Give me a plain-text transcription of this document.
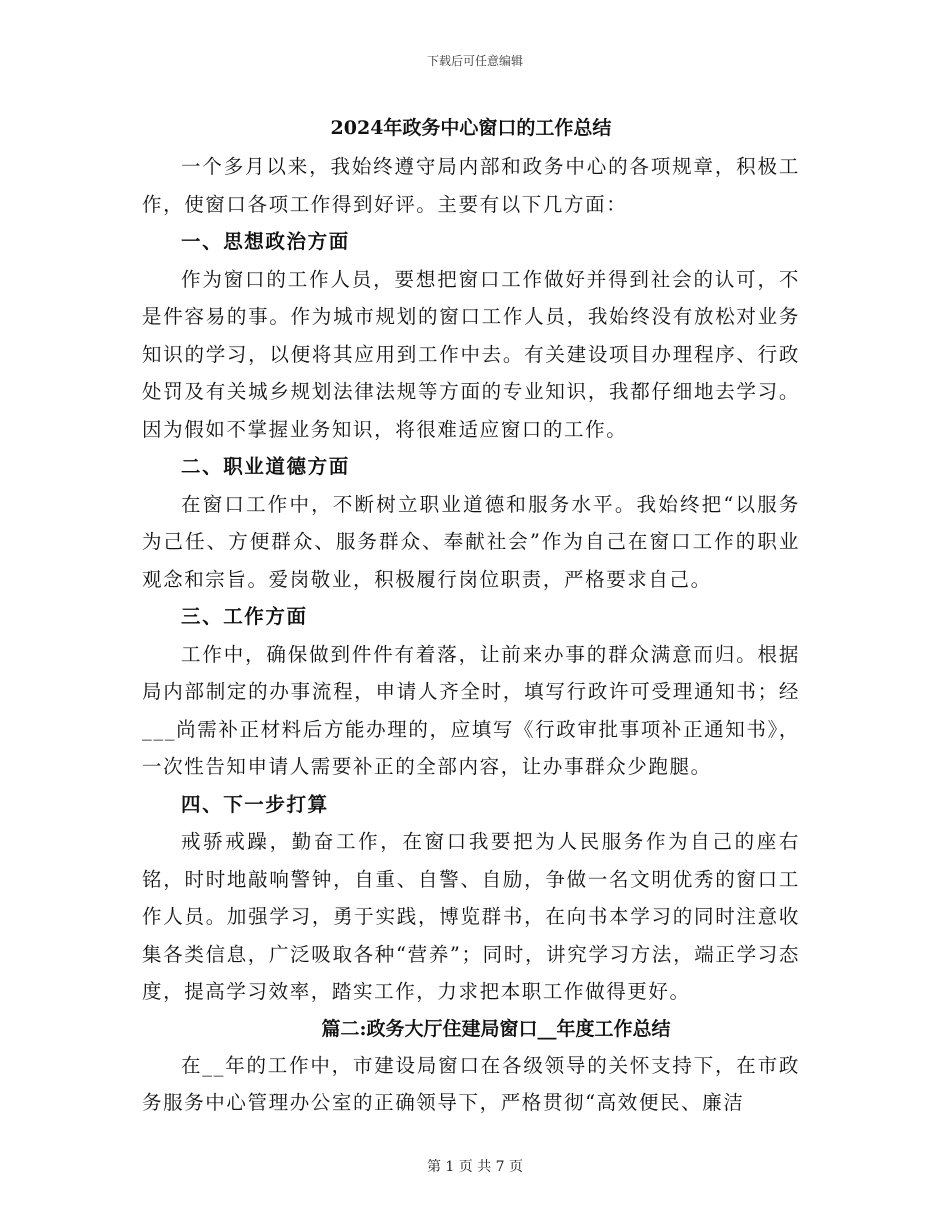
下载后可任意编辑

2024年政务中心窗口的工作总结

一个多月以来，我始终遵守局内部和政务中心的各项规章，积极工作，使窗口各项工作得到好评。主要有以下几方面：

一、思想政治方面

作为窗口的工作人员，要想把窗口工作做好并得到社会的认可，不是件容易的事。作为城市规划的窗口工作人员，我始终没有放松对业务知识的学习，以便将其应用到工作中去。有关建设项目办理程序、行政处罚及有关城乡规划法律法规等方面的专业知识，我都仔细地去学习。因为假如不掌握业务知识，将很难适应窗口的工作。

二、职业道德方面

在窗口工作中，不断树立职业道德和服务水平。我始终把“以服务为己任、方便群众、服务群众、奉献社会”作为自己在窗口工作的职业观念和宗旨。爱岗敬业，积极履行岗位职责，严格要求自己。

三、工作方面

工作中，确保做到件件有着落，让前来办事的群众满意而归。根据局内部制定的办事流程，申请人齐全时，填写行政许可受理通知书；经___尚需补正材料后方能办理的，应填写《行政审批事项补正通知书》，一次性告知申请人需要补正的全部内容，让办事群众少跑腿。

四、下一步打算

戒骄戒躁，勤奋工作，在窗口我要把为人民服务作为自己的座右铭，时时地敲响警钟，自重、自警、自励，争做一名文明优秀的窗口工作人员。加强学习，勇于实践，博览群书，在向书本学习的同时注意收集各类信息，广泛吸取各种“营养”；同时，讲究学习方法，端正学习态度，提高学习效率，踏实工作，力求把本职工作做得更好。

篇二:政务大厅住建局窗口__年度工作总结

在__年的工作中，市建设局窗口在各级领导的关怀支持下，在市政务服务中心管理办公室的正确领导下，严格贯彻“高效便民、廉洁

第 1 页 共 7 页
